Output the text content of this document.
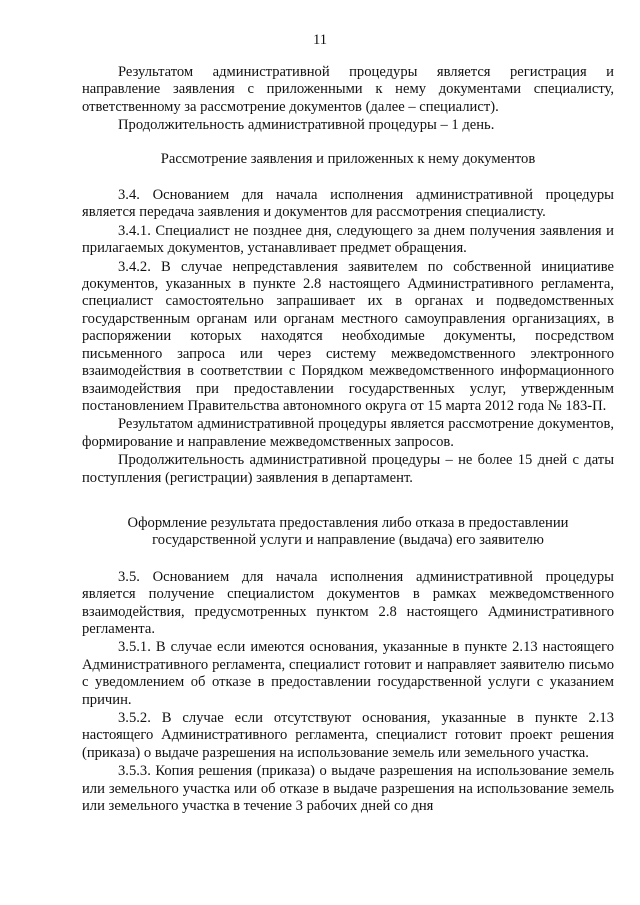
11

Результатом административной процедуры является регистрация и направление заявления с приложенными к нему документами специалисту, ответственному за рассмотрение документов (далее – специалист).

Продолжительность административной процедуры – 1 день.

Рассмотрение заявления и приложенных к нему документов

3.4. Основанием для начала исполнения административной процедуры является передача заявления и документов для рассмотрения специалисту.

3.4.1. Специалист не позднее дня, следующего за днем получения заявления и прилагаемых документов, устанавливает предмет обращения.

3.4.2. В случае непредставления заявителем по собственной инициативе документов, указанных в пункте 2.8 настоящего Административного регламента, специалист самостоятельно запрашивает их в органах и подведомственных государственным органам или органам местного самоуправления организациях, в распоряжении которых находятся необходимые документы, посредством письменного запроса или через систему межведомственного электронного взаимодействия в соответствии с Порядком межведомственного информационного взаимодействия при предоставлении государственных услуг, утвержденным постановлением Правительства автономного округа от 15 марта 2012 года № 183-П.

Результатом административной процедуры является рассмотрение документов, формирование и направление межведомственных запросов.

Продолжительность административной процедуры – не более 15 дней с даты поступления (регистрации) заявления в департамент.

Оформление результата предоставления либо отказа в предоставлении
государственной услуги и направление (выдача) его заявителю

3.5. Основанием для начала исполнения административной процедуры является получение специалистом документов в рамках межведомственного взаимодействия, предусмотренных пунктом 2.8 настоящего Административного регламента.

3.5.1. В случае если имеются основания, указанные в пункте 2.13 настоящего Административного регламента, специалист готовит и направляет заявителю письмо с уведомлением об отказе в предоставлении государственной услуги с указанием причин.

3.5.2. В случае если отсутствуют основания, указанные в пункте 2.13 настоящего Административного регламента, специалист готовит проект решения (приказа) о выдаче разрешения на использование земель или земельного участка.

3.5.3. Копия решения (приказа) о выдаче разрешения на использование земель или земельного участка или об отказе в выдаче разрешения на использование земель или земельного участка в течение 3 рабочих дней со дня
